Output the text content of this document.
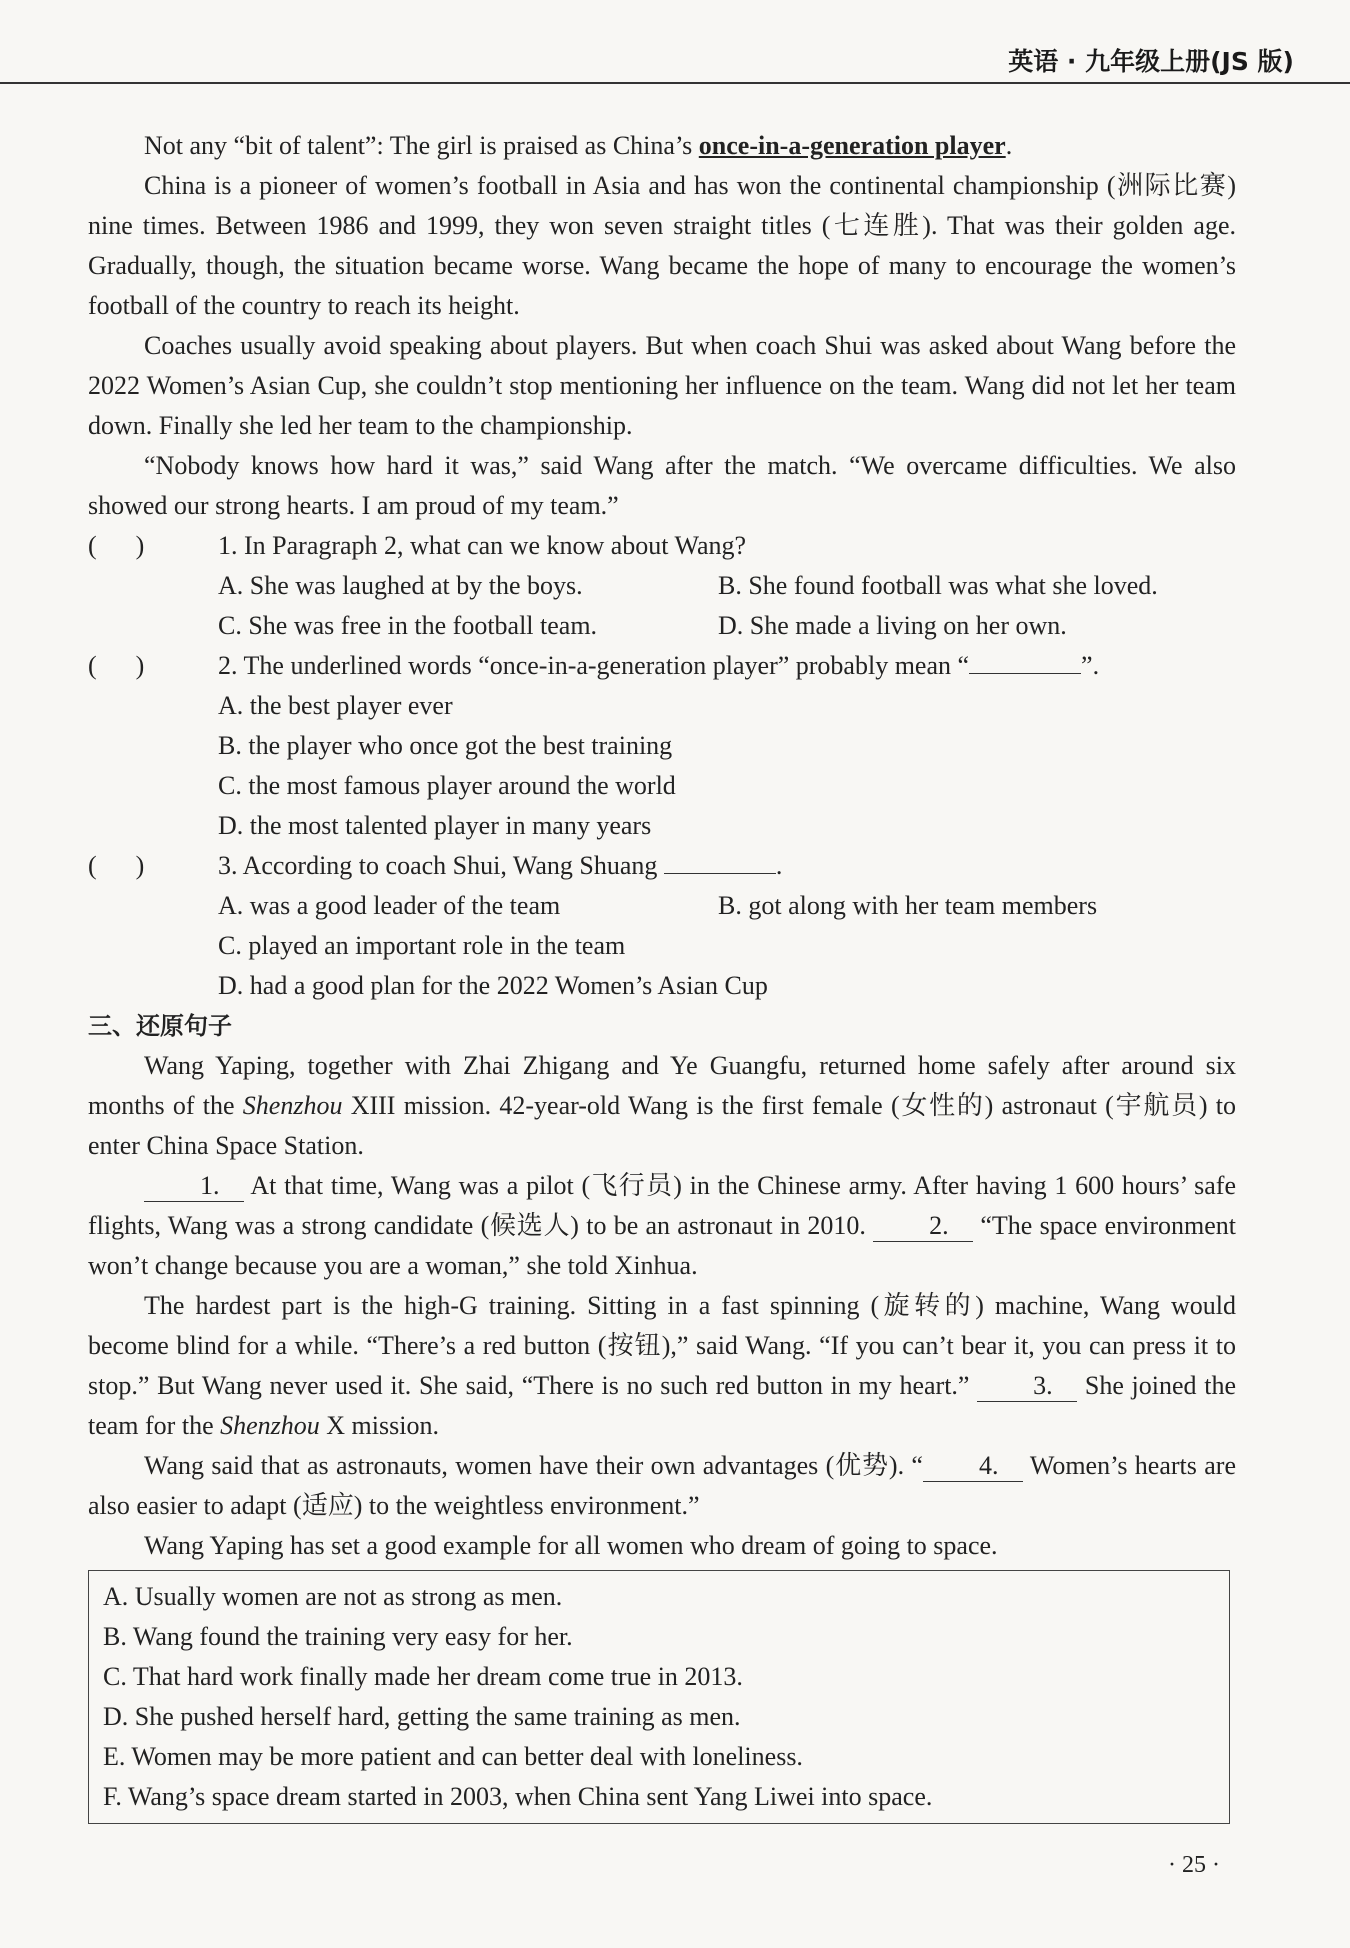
英语 · 九年级上册(JS 版)

Not any “bit of talent”: The girl is praised as China’s once-in-a-generation player.

China is a pioneer of women’s football in Asia and has won the continental championship (洲际比赛) nine times. Between 1986 and 1999, they won seven straight titles (七连胜). That was their golden age. Gradually, though, the situation became worse. Wang became the hope of many to encourage the women’s football of the country to reach its height.

Coaches usually avoid speaking about players. But when coach Shui was asked about Wang before the 2022 Women’s Asian Cup, she couldn’t stop mentioning her influence on the team. Wang did not let her team down. Finally she led her team to the championship.

“Nobody knows how hard it was,” said Wang after the match. “We overcame difficulties. We also showed our strong hearts. I am proud of my team.”

(      )	1. In Paragraph 2, what can we know about Wang?
A. She was laughed at by the boys.	B. She found football was what she loved.
C. She was free in the football team.	D. She made a living on her own.
(      )	2. The underlined words “once-in-a-generation player” probably mean “	”.
A. the best player ever
B. the player who once got the best training
C. the most famous player around the world
D. the most talented player in many years
(      )	3. According to coach Shui, Wang Shuang	.
A. was a good leader of the team	B. got along with her team members
C. played an important role in the team
D. had a good plan for the 2022 Women’s Asian Cup
三、还原句子

Wang Yaping, together with Zhai Zhigang and Ye Guangfu, returned home safely after around six months of the Shenzhou XIII mission. 42-year-old Wang is the first female (女性的) astronaut (宇航员) to enter China Space Station.

1. At that time, Wang was a pilot (飞行员) in the Chinese army. After having 1 600 hours’ safe flights, Wang was a strong candidate (候选人) to be an astronaut in 2010. 2. “The space environment won’t change because you are a woman,” she told Xinhua.

The hardest part is the high-G training. Sitting in a fast spinning (旋转的) machine, Wang would become blind for a while. “There’s a red button (按钮),” said Wang. “If you can’t bear it, you can press it to stop.” But Wang never used it. She said, “There is no such red button in my heart.” 3. She joined the team for the Shenzhou X mission.

Wang said that as astronauts, women have their own advantages (优势). “ 4. Women’s hearts are also easier to adapt (适应) to the weightless environment.”

Wang Yaping has set a good example for all women who dream of going to space.

A. Usually women are not as strong as men.
B. Wang found the training very easy for her.
C. That hard work finally made her dream come true in 2013.
D. She pushed herself hard, getting the same training as men.
E. Women may be more patient and can better deal with loneliness.
F. Wang’s space dream started in 2003, when China sent Yang Liwei into space.
· 25 ·
